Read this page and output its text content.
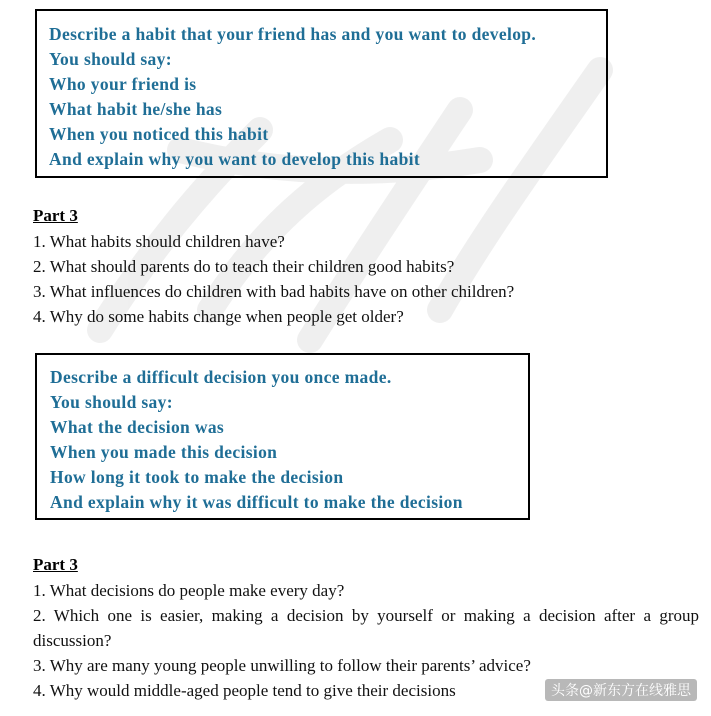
Describe a habit that your friend has and you want to develop.
You should say:
Who your friend is
What habit he/she has
When you noticed this habit
And explain why you want to develop this habit
Part 3
1. What habits should children have?
2. What should parents do to teach their children good habits?
3. What influences do children with bad habits have on other children?
4. Why do some habits change when people get older?
Describe a difficult decision you once made.
You should say:
What the decision was
When you made this decision
How long it took to make the decision
And explain why it was difficult to make the decision
Part 3
1. What decisions do people make every day?
2. Which one is easier, making a decision by yourself or making a decision after a group discussion?
3. Why are many young people unwilling to follow their parents’ advice?
4. Why would middle-aged people tend to give their decisions	头条@新东方在线雅思
